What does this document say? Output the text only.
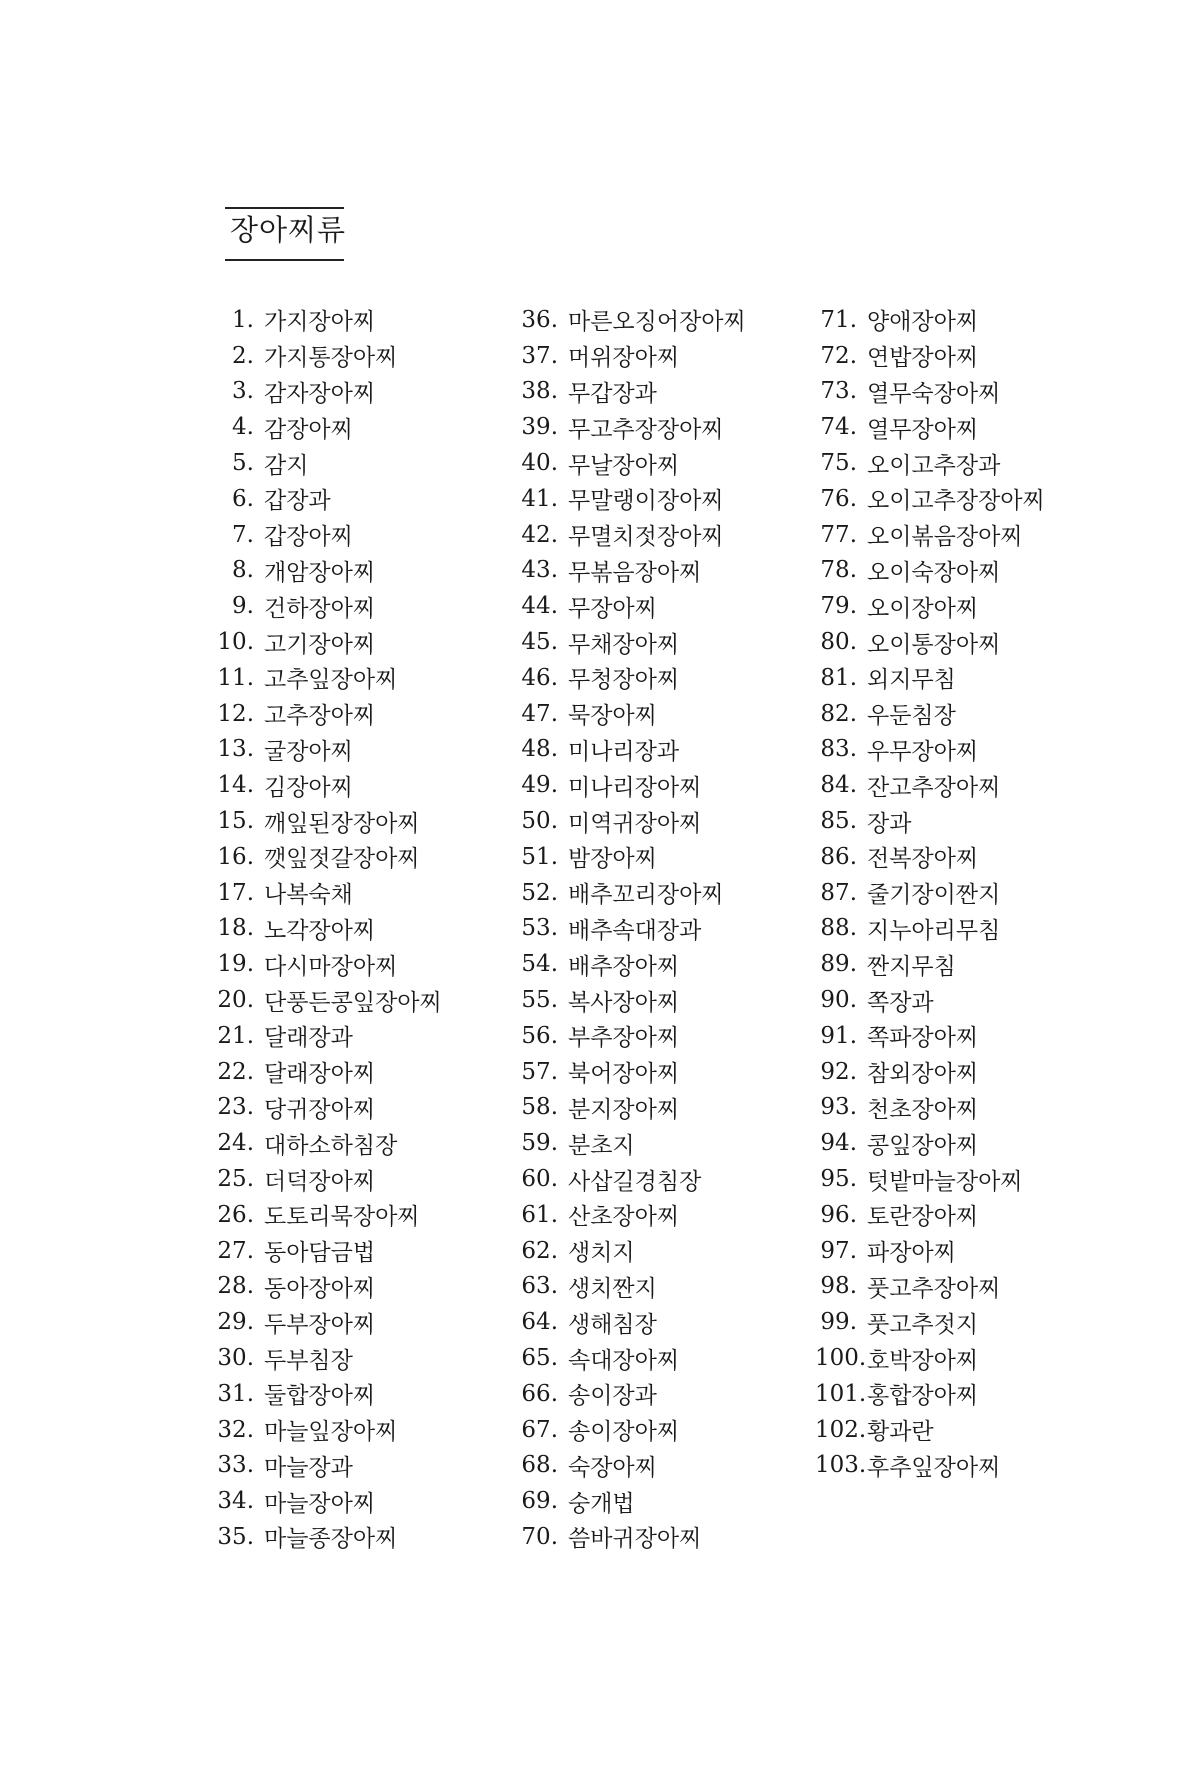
장아찌류
1. 가지장아찌
2. 가지통장아찌
3. 감자장아찌
4. 감장아찌
5. 감지
6. 갑장과
7. 갑장아찌
8. 개암장아찌
9. 건하장아찌
10. 고기장아찌
11. 고추잎장아찌
12. 고추장아찌
13. 굴장아찌
14. 김장아찌
15. 깨잎된장장아찌
16. 깻잎젓갈장아찌
17. 나복숙채
18. 노각장아찌
19. 다시마장아찌
20. 단풍든콩잎장아찌
21. 달래장과
22. 달래장아찌
23. 당귀장아찌
24. 대하소하침장
25. 더덕장아찌
26. 도토리묵장아찌
27. 동아담금법
28. 동아장아찌
29. 두부장아찌
30. 두부침장
31. 둘합장아찌
32. 마늘잎장아찌
33. 마늘장과
34. 마늘장아찌
35. 마늘종장아찌
36. 마른오징어장아찌
37. 머위장아찌
38. 무갑장과
39. 무고추장장아찌
40. 무날장아찌
41. 무말랭이장아찌
42. 무멸치젓장아찌
43. 무볶음장아찌
44. 무장아찌
45. 무채장아찌
46. 무청장아찌
47. 묵장아찌
48. 미나리장과
49. 미나리장아찌
50. 미역귀장아찌
51. 밤장아찌
52. 배추꼬리장아찌
53. 배추속대장과
54. 배추장아찌
55. 복사장아찌
56. 부추장아찌
57. 북어장아찌
58. 분지장아찌
59. 분초지
60. 사삽길경침장
61. 산초장아찌
62. 생치지
63. 생치짠지
64. 생해침장
65. 속대장아찌
66. 송이장과
67. 송이장아찌
68. 숙장아찌
69. 숭개법
70. 씀바귀장아찌
71. 양애장아찌
72. 연밥장아찌
73. 열무숙장아찌
74. 열무장아찌
75. 오이고추장과
76. 오이고추장장아찌
77. 오이볶음장아찌
78. 오이숙장아찌
79. 오이장아찌
80. 오이통장아찌
81. 외지무침
82. 우둔침장
83. 우무장아찌
84. 잔고추장아찌
85. 장과
86. 전복장아찌
87. 줄기장이짠지
88. 지누아리무침
89. 짠지무침
90. 쪽장과
91. 쪽파장아찌
92. 참외장아찌
93. 천초장아찌
94. 콩잎장아찌
95. 텃밭마늘장아찌
96. 토란장아찌
97. 파장아찌
98. 풋고추장아찌
99. 풋고추젓지
100. 호박장아찌
101. 홍합장아찌
102. 황과란
103. 후추잎장아찌
